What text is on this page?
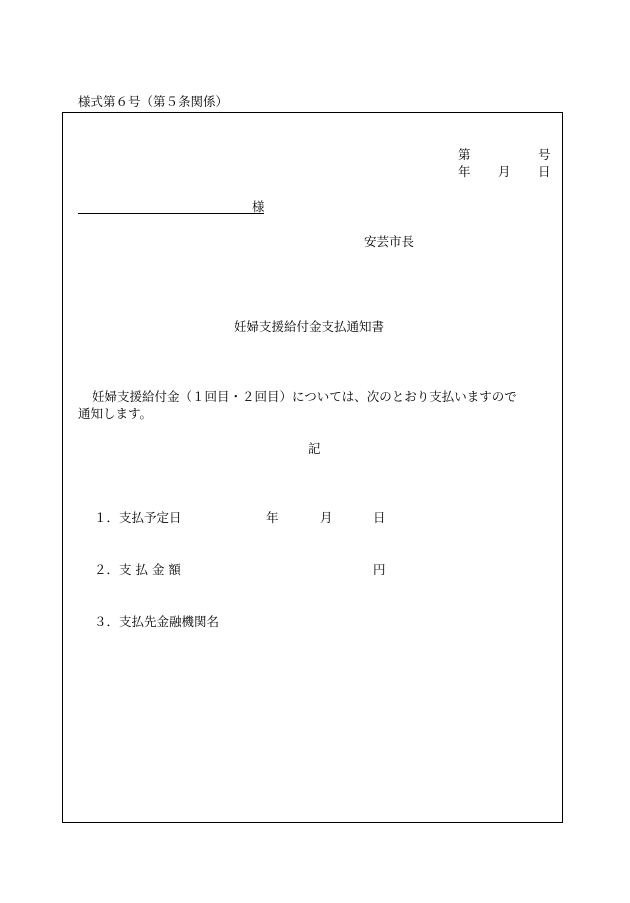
様式第６号（第５条関係）
第	号
年 月 日
様
安芸市長
妊婦支援給付金支払通知書
妊婦支援給付金（１回目・２回目）については、次のとおり支払いますので
通知します。
記
１． 支払予定日	年	月	日
２． 支 払 金 額	円
３． 支払先金融機関名
